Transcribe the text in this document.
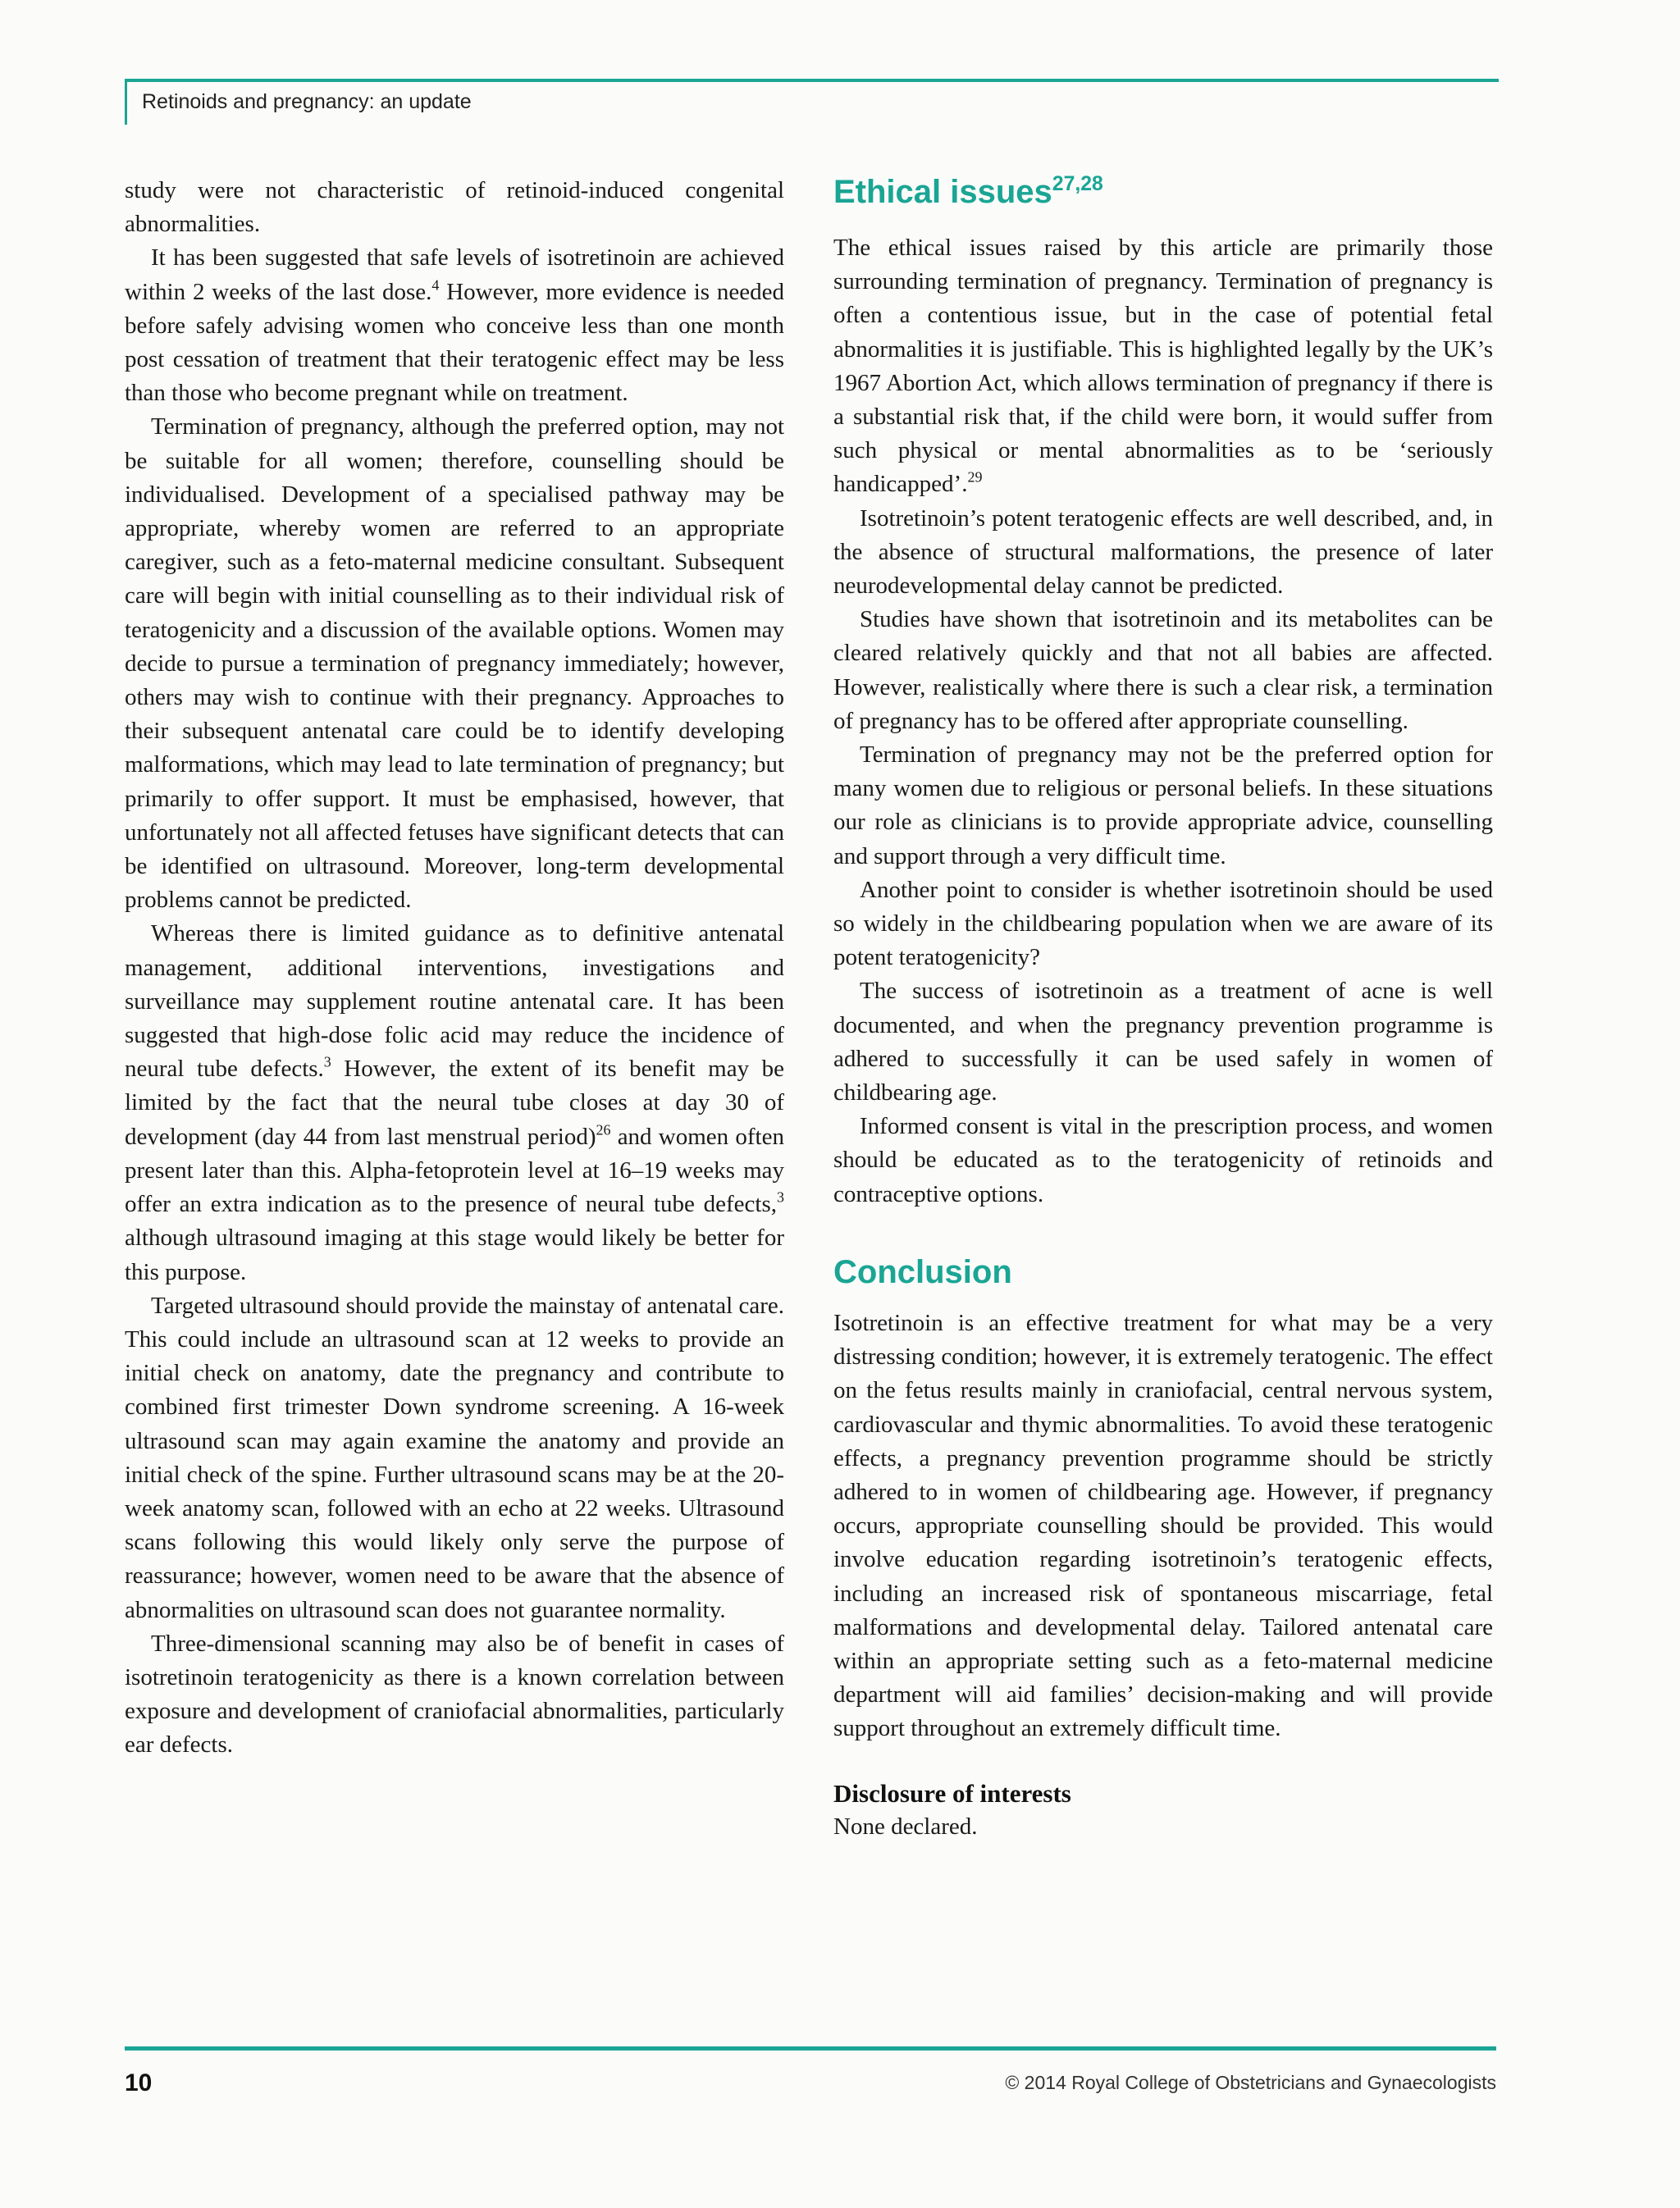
Retinoids and pregnancy: an update

study were not characteristic of retinoid-induced congenital abnormalities.

It has been suggested that safe levels of isotretinoin are achieved within 2 weeks of the last dose.$^4$ However, more evidence is needed before safely advising women who conceive less than one month post cessation of treatment that their teratogenic effect may be less than those who become pregnant while on treatment.

Termination of pregnancy, although the preferred option, may not be suitable for all women; therefore, counselling should be individualised. Development of a specialised pathway may be appropriate, whereby women are referred to an appropriate caregiver, such as a feto-maternal medicine consultant. Subsequent care will begin with initial counselling as to their individual risk of teratogenicity and a discussion of the available options. Women may decide to pursue a termination of pregnancy immediately; however, others may wish to continue with their pregnancy. Approaches to their subsequent antenatal care could be to identify developing malformations, which may lead to late termination of pregnancy; but primarily to offer support. It must be emphasised, however, that unfortunately not all affected fetuses have significant detects that can be identified on ultrasound. Moreover, long-term developmental problems cannot be predicted.

Whereas there is limited guidance as to definitive antenatal management, additional interventions, investigations and surveillance may supplement routine antenatal care. It has been suggested that high-dose folic acid may reduce the incidence of neural tube defects.$^3$ However, the extent of its benefit may be limited by the fact that the neural tube closes at day 30 of development (day 44 from last menstrual period)$^{26}$ and women often present later than this. Alpha-fetoprotein level at 16–19 weeks may offer an extra indication as to the presence of neural tube defects,$^3$ although ultrasound imaging at this stage would likely be better for this purpose.

Targeted ultrasound should provide the mainstay of antenatal care. This could include an ultrasound scan at 12 weeks to provide an initial check on anatomy, date the pregnancy and contribute to combined first trimester Down syndrome screening. A 16-week ultrasound scan may again examine the anatomy and provide an initial check of the spine. Further ultrasound scans may be at the 20-week anatomy scan, followed with an echo at 22 weeks. Ultrasound scans following this would likely only serve the purpose of reassurance; however, women need to be aware that the absence of abnormalities on ultrasound scan does not guarantee normality.

Three-dimensional scanning may also be of benefit in cases of isotretinoin teratogenicity as there is a known correlation between exposure and development of craniofacial abnormalities, particularly ear defects.

Ethical issues$^{27,28}$

The ethical issues raised by this article are primarily those surrounding termination of pregnancy. Termination of pregnancy is often a contentious issue, but in the case of potential fetal abnormalities it is justifiable. This is highlighted legally by the UK’s 1967 Abortion Act, which allows termination of pregnancy if there is a substantial risk that, if the child were born, it would suffer from such physical or mental abnormalities as to be ‘seriously handicapped’.$^{29}$

Isotretinoin’s potent teratogenic effects are well described, and, in the absence of structural malformations, the presence of later neurodevelopmental delay cannot be predicted.

Studies have shown that isotretinoin and its metabolites can be cleared relatively quickly and that not all babies are affected. However, realistically where there is such a clear risk, a termination of pregnancy has to be offered after appropriate counselling.

Termination of pregnancy may not be the preferred option for many women due to religious or personal beliefs. In these situations our role as clinicians is to provide appropriate advice, counselling and support through a very difficult time.

Another point to consider is whether isotretinoin should be used so widely in the childbearing population when we are aware of its potent teratogenicity?

The success of isotretinoin as a treatment of acne is well documented, and when the pregnancy prevention programme is adhered to successfully it can be used safely in women of childbearing age.

Informed consent is vital in the prescription process, and women should be educated as to the teratogenicity of retinoids and contraceptive options.

Conclusion

Isotretinoin is an effective treatment for what may be a very distressing condition; however, it is extremely teratogenic. The effect on the fetus results mainly in craniofacial, central nervous system, cardiovascular and thymic abnormalities. To avoid these teratogenic effects, a pregnancy prevention programme should be strictly adhered to in women of childbearing age. However, if pregnancy occurs, appropriate counselling should be provided. This would involve education regarding isotretinoin’s teratogenic effects, including an increased risk of spontaneous miscarriage, fetal malformations and developmental delay. Tailored antenatal care within an appropriate setting such as a feto-maternal medicine department will aid families’ decision-making and will provide support throughout an extremely difficult time.

Disclosure of interests

None declared.

10	© 2014 Royal College of Obstetricians and Gynaecologists
